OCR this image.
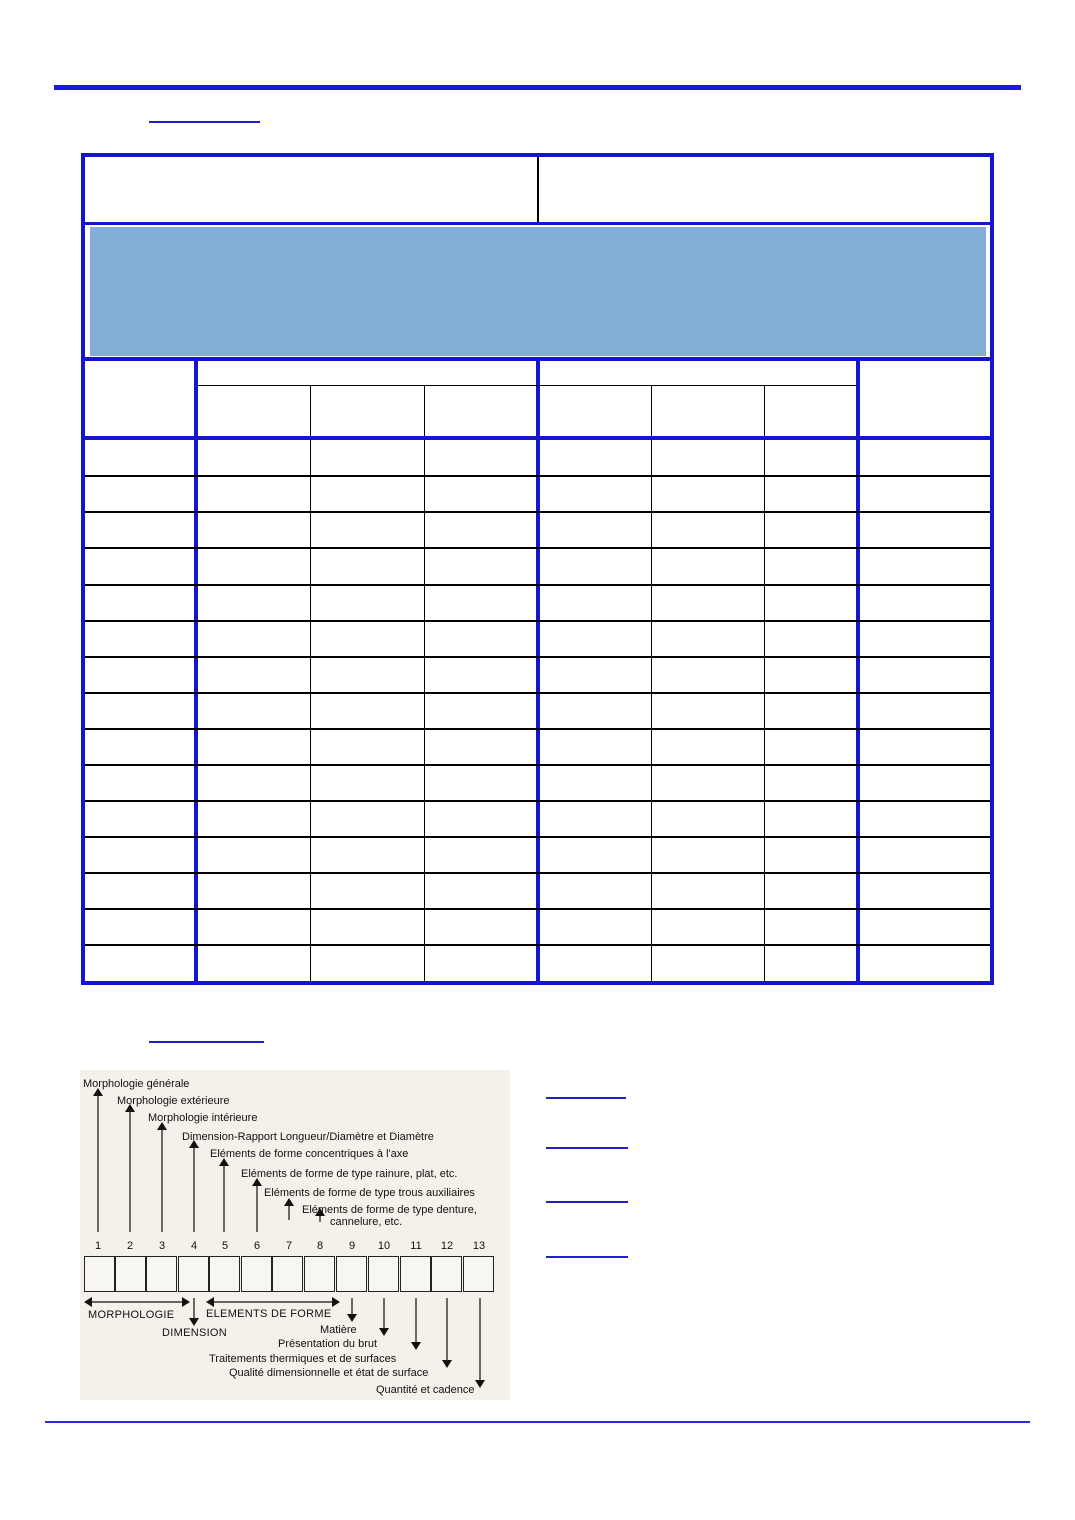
Morphologie générale
Morphologie extérieure
Morphologie intérieure
Dimension-Rapport Longueur/Diamètre et Diamètre
Eléments de forme concentriques à l'axe
Eléments de forme de type rainure, plat, etc.
Eléments de forme de type trous auxiliaires
Eléments de forme de type denture,
cannelure, etc.
1	2	3	4	5	6	7	8	9	10	11	12	13
MORPHOLOGIE	ELEMENTS DE FORME
DIMENSION	Matière
Présentation du brut
Traitements thermiques et de surfaces
Qualité dimensionnelle et état de surface
Quantité et cadence
